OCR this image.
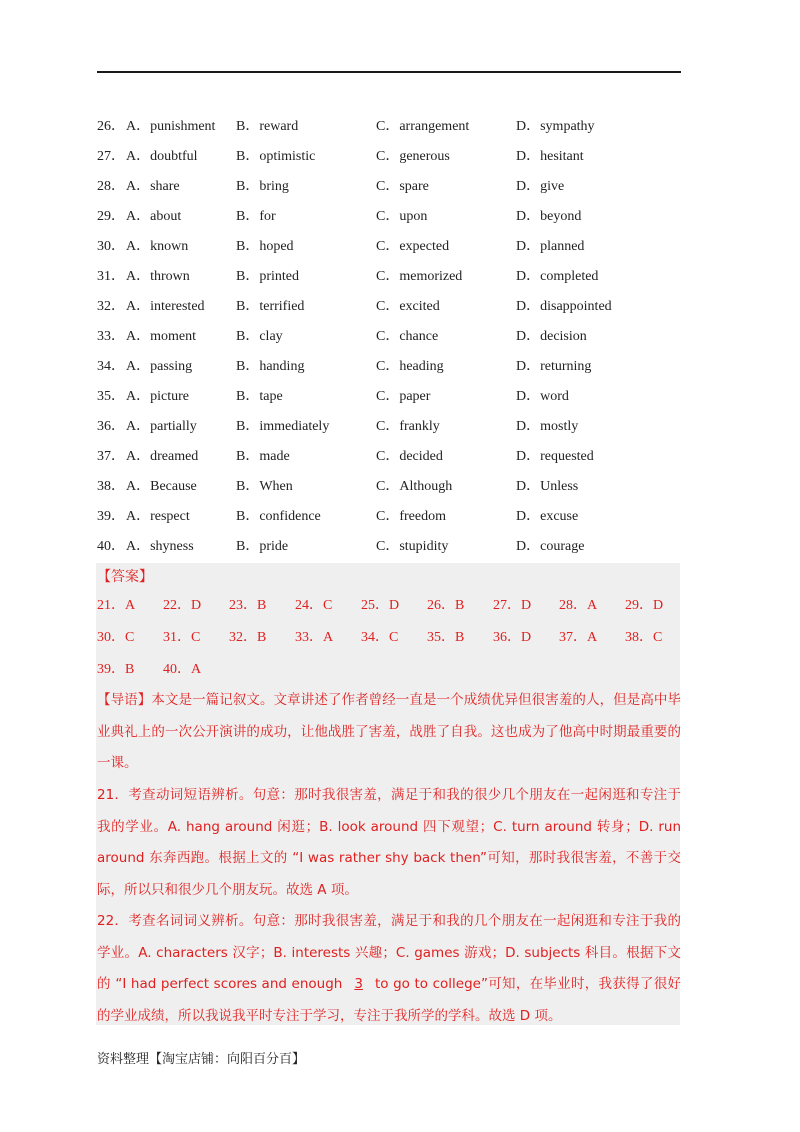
26． A．punishment B．reward	C．arrangement	D．sympathy
27． A．doubtful	B．optimistic	C．generous	D．hesitant
28． A．share	B．bring	C．spare	D．give
29． A．about	B．for	C．upon	D．beyond
30． A．known	B．hoped	C．expected	D．planned
31． A．thrown	B．printed	C．memorized	D．completed
32． A．interested B．terrified	C．excited	D．disappointed
33． A．moment	B．clay	C．chance	D．decision
34． A．passing	B．handing	C．heading	D．returning
35． A．picture	B．tape	C．paper	D．word
36． A．partially	B．immediately	C．frankly	D．mostly
37． A．dreamed	B．made	C．decided	D．requested
38． A．Because	B．When	C．Although	D．Unless
39． A．respect	B．confidence	C．freedom	D．excuse
40． A．shyness	B．pride	C．stupidity	D．courage
【答案】
21．A 22．D 23．B 24．C 25．D 26．B 27．D 28．A 29．D
30．C 31．C 32．B 33．A 34．C 35．B 36．D 37．A 38．C
39．B 40．A

【导语】本文是一篇记叙文。文章讲述了作者曾经一直是一个成绩优异但很害羞的人，但是高中毕业典礼上的一次公开演讲的成功，让他战胜了害羞，战胜了自我。这也成为了他高中时期最重要的一课。

21．考查动词短语辨析。句意：那时我很害羞，满足于和我的很少几个朋友在一起闲逛和专注于我的学业。A. hang around 闲逛；B. look around 四下观望；C. turn around 转身；D. run around 东奔西跑。根据上文的 “I was rather shy back then”可知，那时我很害羞，不善于交际，所以只和很少几个朋友玩。故选 A 项。

22．考查名词词义辨析。句意：那时我很害羞，满足于和我的几个朋友在一起闲逛和专注于我的学业。A. characters 汉字；B. interests 兴趣；C. games 游戏；D. subjects 科目。根据下文的 “I had perfect scores and enough 3 to go to college”可知，在毕业时，我获得了很好的学业成绩，所以我说我平时专注于学习，专注于我所学的学科。故选 D 项。

资料整理【淘宝店铺：向阳百分百】
